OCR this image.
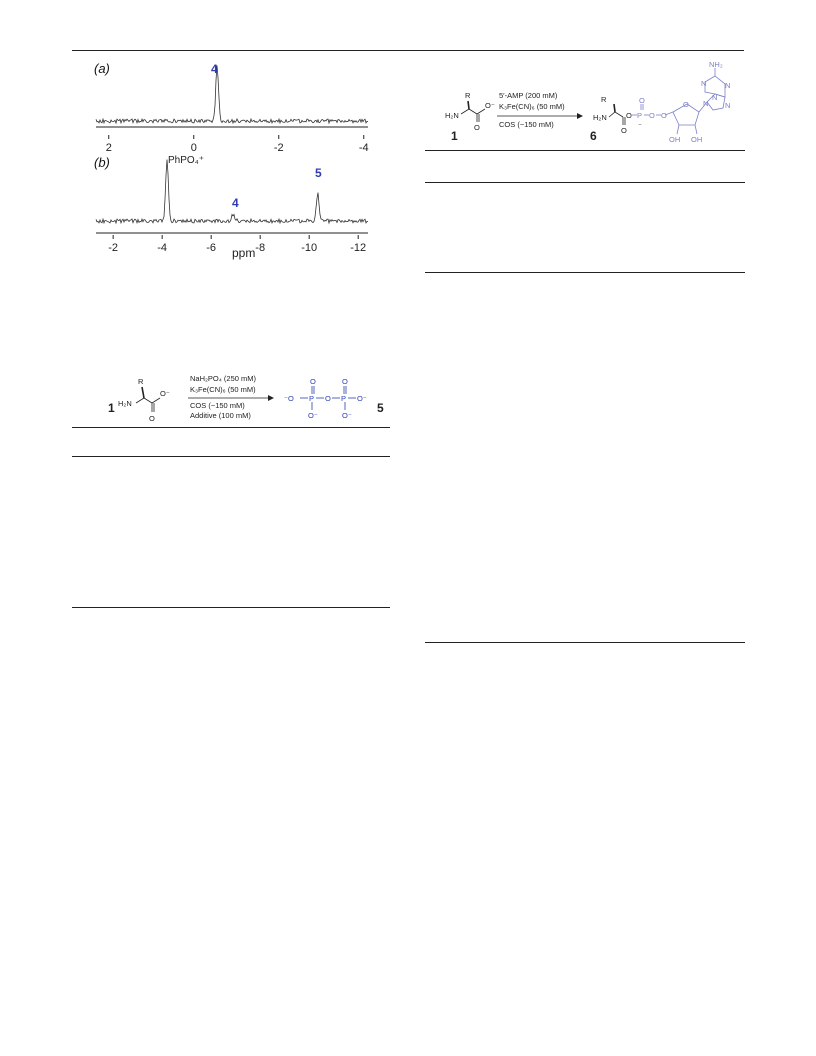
(a)
(b)
2	0	-2	-4
4
-2	-4	-6	-8	-10	-12
PhPO₄⁺
4
5
ppm
1
R
H₂N
O
O⁻
NaH₂PO₄ (250 mM)
K₃Fe(CN)₆ (50 mM)
COS (~150 mM)
Additive (100 mM)
⁻O P O P O⁻
O	O
O⁻	O⁻
5
R
H₂N
O
O⁻
1
5′-AMP (200 mM)
K₃Fe(CN)₆ (50 mM)
COS (~150 mM)
6
R
H₂N
O
O P
O
O
⁻
O
O
OH OH
NH₂
N N
N
N
N
